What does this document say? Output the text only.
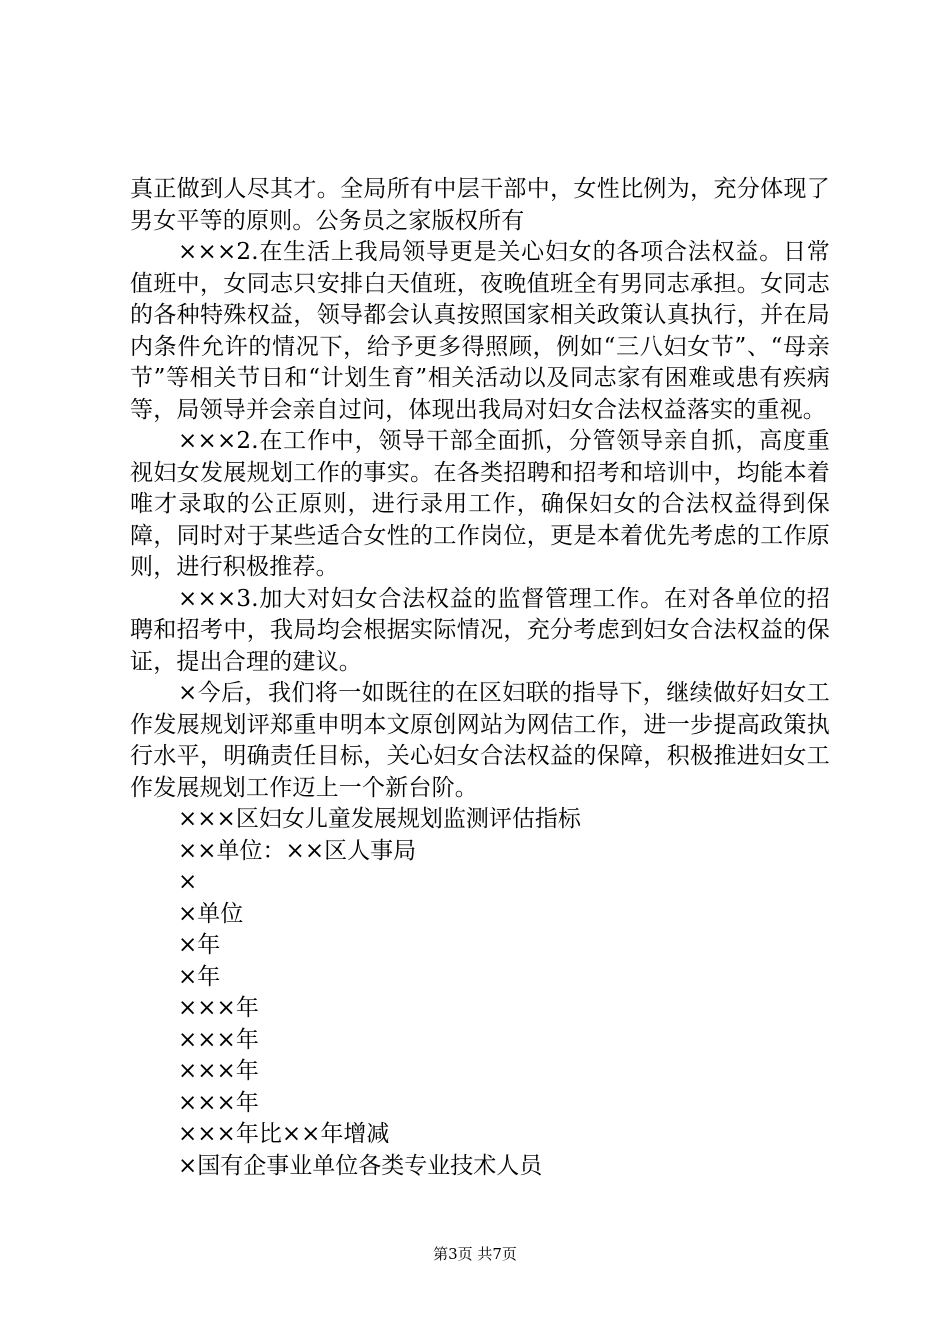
真正做到人尽其才。全局所有中层干部中，女性比例为，充分体现了男女平等的原则。公务员之家版权所有

×××2.在生活上我局领导更是关心妇女的各项合法权益。日常值班中，女同志只安排白天值班，夜晚值班全有男同志承担。女同志的各种特殊权益，领导都会认真按照国家相关政策认真执行，并在局内条件允许的情况下，给予更多得照顾，例如“三八妇女节”、“母亲节”等相关节日和“计划生育”相关活动以及同志家有困难或患有疾病等，局领导并会亲自过问，体现出我局对妇女合法权益落实的重视。

×××2.在工作中，领导干部全面抓，分管领导亲自抓，高度重视妇女发展规划工作的事实。在各类招聘和招考和培训中，均能本着唯才录取的公正原则，进行录用工作，确保妇女的合法权益得到保障，同时对于某些适合女性的工作岗位，更是本着优先考虑的工作原则，进行积极推荐。

×××3.加大对妇女合法权益的监督管理工作。在对各单位的招聘和招考中，我局均会根据实际情况，充分考虑到妇女合法权益的保证，提出合理的建议。

×今后，我们将一如既往的在区妇联的指导下，继续做好妇女工作发展规划评郑重申明本文原创网站为网佶工作，进一步提高政策执行水平，明确责任目标，关心妇女合法权益的保障，积极推进妇女工作发展规划工作迈上一个新台阶。

×××区妇女儿童发展规划监测评估指标

××单位：××区人事局

×

×单位

×年

×年

×××年

×××年

×××年

×××年

×××年比××年增减

×国有企事业单位各类专业技术人员

第3页 共7页
